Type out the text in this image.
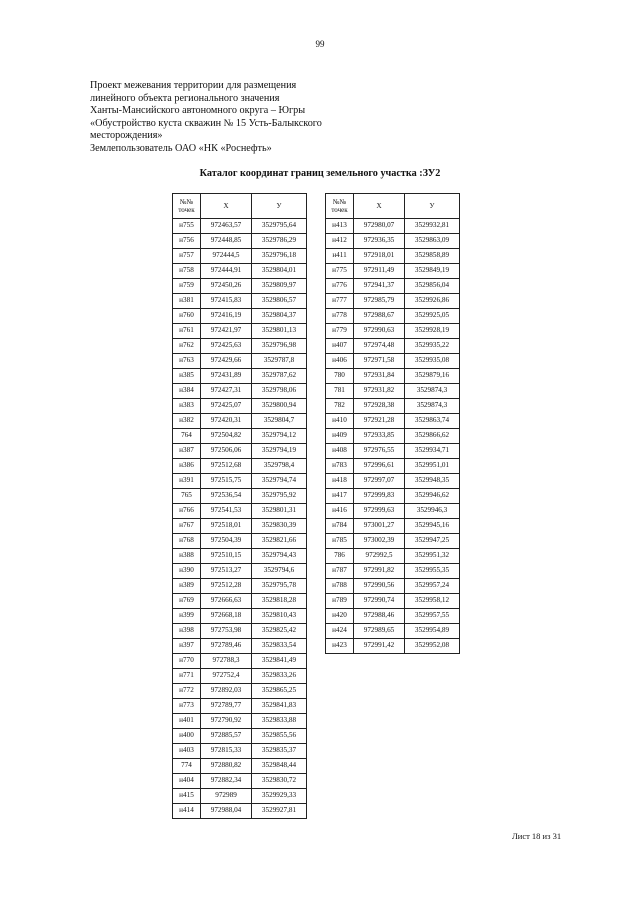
99
Проект межевания территории для размещения
линейного объекта регионального значения
Ханты-Мансийского автономного округа – Югры
«Обустройство куста скважин № 15 Усть-Балыкского
месторождения»
Землепользователь ОАО «НК «Роснефть»
Каталог координат границ земельного участка :ЗУ2
№№
точек	X	У
н755	972463,57	3529795,64
н756	972448,85	3529786,29
н757	972444,5	3529796,18
н758	972444,91	3529804,01
н759	972450,26	3529809,97
н381	972415,83	3529806,57
н760	972416,19	3529804,37
н761	972421,97	3529801,13
н762	972425,63	3529796,98
н763	972429,66	3529787,8
н385	972431,89	3529787,62
н384	972427,31	3529798,06
н383	972425,07	3529800,94
н382	972420,31	3529804,7
764	972504,82	3529794,12
н387	972506,06	3529794,19
н386	972512,68	3529798,4
н391	972515,75	3529794,74
765	972536,54	3529795,92
н766	972541,53	3529801,31
н767	972518,01	3529830,39
н768	972504,39	3529821,66
н388	972510,15	3529794,43
н390	972513,27	3529794,6
н389	972512,28	3529795,78
н769	972666,63	3529818,28
н399	972668,18	3529810,43
н398	972753,98	3529825,42
н397	972789,46	3529833,54
н770	972788,3	3529841,49
н771	972752,4	3529833,26
н772	972892,03	3529865,25
н773	972789,77	3529841,83
н401	972790,92	3529833,88
н400	972885,57	3529855,56
н403	972815,33	3529835,37
774	972880,82	3529848,44
н404	972882,34	3529830,72
н415	972989	3529929,33
н414	972988,04	3529927,81
№№
точек	X	У
н413	972980,07	3529932,81
н412	972936,35	3529863,09
н411	972918,01	3529858,89
н775	972911,49	3529849,19
н776	972941,37	3529856,04
н777	972985,79	3529926,86
н778	972988,67	3529925,05
н779	972990,63	3529928,19
н407	972974,48	3529935,22
н406	972971,58	3529935,08
780	972931,84	3529879,16
781	972931,82	3529874,3
782	972928,38	3529874,3
н410	972921,28	3529863,74
н409	972933,85	3529866,62
н408	972976,55	3529934,71
н783	972996,61	3529951,01
н418	972997,07	3529948,35
н417	972999,83	3529946,62
н416	972999,63	3529946,3
н784	973001,27	3529945,16
н785	973002,39	3529947,25
786	972992,5	3529951,32
н787	972991,82	3529955,35
н788	972990,56	3529957,24
н789	972990,74	3529958,12
н420	972988,46	3529957,55
н424	972989,65	3529954,89
н423	972991,42	3529952,08
Лист 18 из 31
